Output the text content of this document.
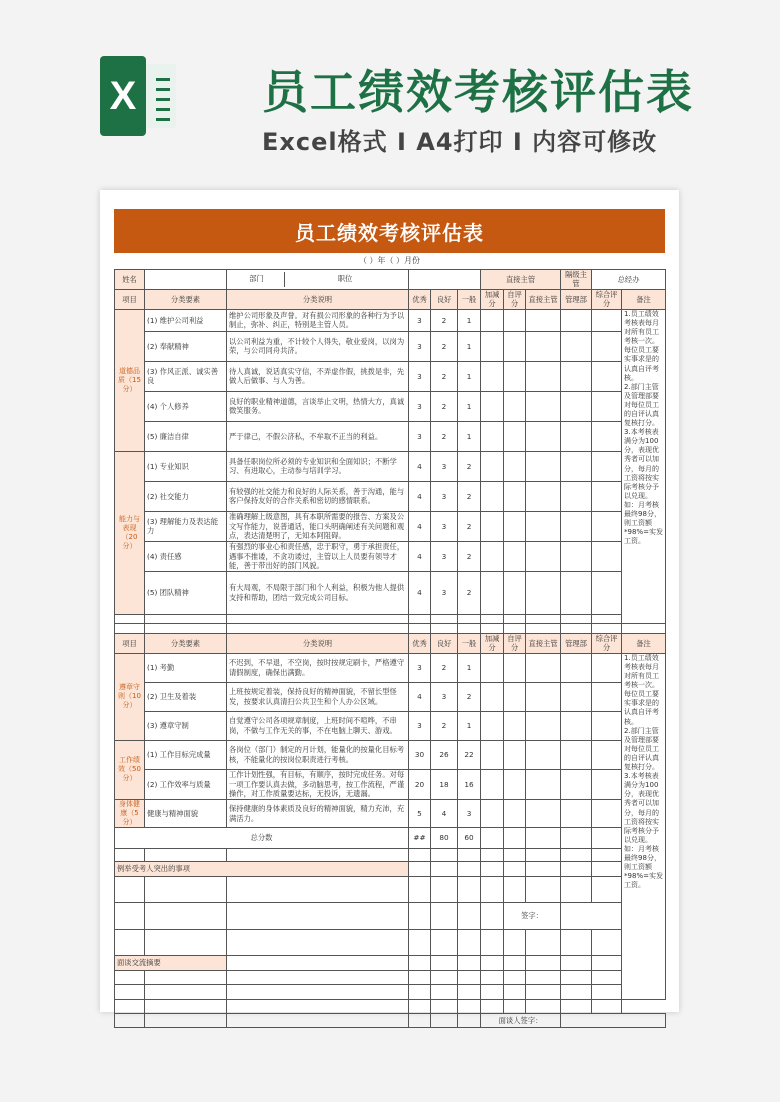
X	员工绩效考核评估表
Excel格式 I A4打印 I 内容可修改
员工绩效考核评估表
（ ）年（ ）月份
姓名		部门 职位				直接主管			隔级主管	总经办	
项目	分类要素	分类说明	优秀	良好	一般	加减分	自评分	直接主管	管理部	综合评分	备注	
道德品质（15分）	(1) 维护公司利益	维护公司形象及声誉。对有损公司形象的各种行为予以制止，弥补、纠正，特别是主管人员。	3	2	1						1.员工绩效考核表每月对所有员工考核一次。每位员工要实事求是的认真自评考核。
2.部门主管及管理部要对每位员工的自评认真复核打分。
3.本考核表满分为100分，表现优秀者可以加分，每月的工资将按实际考核分予以兑现。
如：月考核最终98分，则工资额*98%=实发工资。	
	(2) 奉献精神	以公司利益为重，不计较个人得失，敬业爱岗，以岗为荣，与公司同舟共济。	3	2	1							
	(3) 作风正派、诚实善良	待人真诚，说话真实守信，不弄虚作假，挑拨是非，先做人后做事、与人为善。	3	2	1							
	(4) 个人修养	良好的职业精神道德，言谈举止文明，热情大方，真诚微笑服务。	3	2	1							
	(5) 廉洁自律	严于律己，不假公济私，不牟取不正当的利益。	3	2	1							
能力与表现（20分）	(1) 专业知识	具备任职岗位所必须的专业知识和全面知识；不断学习、有进取心，主动参与培训学习。	4	3	2							
	(2) 社交能力	有较强的社交能力和良好的人际关系，善于沟通，能与客户保持友好的合作关系和密切的感情联系。	4	3	2							
	(3) 理解能力及表达能力	准确理解上级意图，具有本职所需要的报告、方案及公文写作能力，说普通话，能口头明确阐述有关问题和观点，表达清楚明了，无知本阿阻碍。	4	3	2							
	(4) 责任感	有强烈的事业心和责任感，忠于职守，勇于承担责任，遇事不推诿，不贪功诿过，主管以上人员要有领导才能，善于带出好的部门风貌。	4	3	2							
	(5) 团队精神	有大局观，不局限于部门和个人利益，积极为他人提供支持和帮助，团结一致完成公司目标。	4	3	2							

项目	分类要素	分类说明	优秀	良好	一般	加减分	自评分	直接主管	管理部	综合评分	备注	
遵章守则（10分）	(1) 考勤	不迟到，不早退，不空岗，按时按规定刷卡，严格遵守请假制度，确保出满勤。	3	2	1						1.员工绩效考核表每月对所有员工考核一次。每位员工要实事求是的认真自评考核。
2.部门主管及管理部要对每位员工的自评认真复核打分。
3.本考核表满分为100分，表现优秀者可以加分，每月的工资将按实际考核分予以兑现。
如：月考核最终98分，则工资额*98%=实发工资。	
	(2) 卫生及着装	上班按规定着装，保持良好的精神面貌，不留长型怪发，按要求认真清扫公共卫生和个人办公区域。	4	3	2							
	(3) 遵章守制	自觉遵守公司各项规章制度，上班时间不喧哗，不串岗，不做与工作无关的事，不在电脑上聊天、游戏。	3	2	1							
工作绩效（50分）	(1) 工作目标完成量	各岗位（部门）制定的月计划，能量化的按量化目标考核，不能量化的按岗位职责进行考核。	30	26	22							
	(2) 工作效率与质量	工作计划性强，有目标，有顺序，按时完成任务。对每一项工作要认真去做，多动脑思考，按工作流程，严谨操作，对工作质量要达标，无投诉，无遗漏。	20	18	16							
身体健康（5分）	健康与精神面貌	保持健康的身体素质及良好的精神面貌，精力充沛，充满活力。	5	4	3							
总分数			##	80	60							

例举受考人突出的事项												

							签字：					

面谈交流摘要												

						面谈人签字：						
